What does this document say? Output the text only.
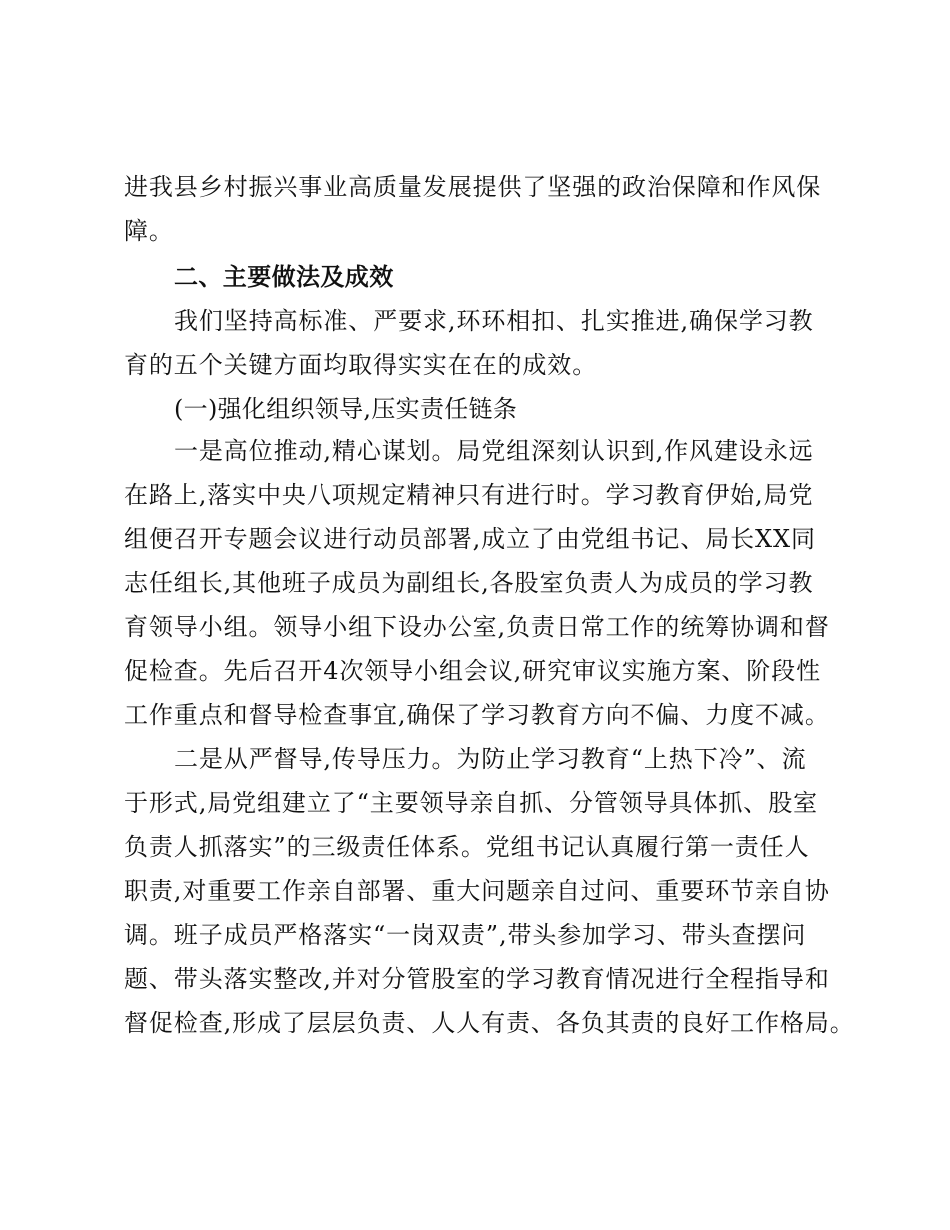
进我县乡村振兴事业高质量发展提供了坚强的政治保障和作风保

障。

二、主要做法及成效

我们坚持高标准、严要求,环环相扣、扎实推进,确保学习教

育的五个关键方面均取得实实在在的成效。

(一)强化组织领导,压实责任链条

一是高位推动,精心谋划。局党组深刻认识到,作风建设永远

在路上,落实中央八项规定精神只有进行时。学习教育伊始,局党

组便召开专题会议进行动员部署,成立了由党组书记、局长XX同

志任组长,其他班子成员为副组长,各股室负责人为成员的学习教

育领导小组。领导小组下设办公室,负责日常工作的统筹协调和督

促检查。先后召开4次领导小组会议,研究审议实施方案、阶段性

工作重点和督导检查事宜,确保了学习教育方向不偏、力度不减。

二是从严督导,传导压力。为防止学习教育“上热下冷”、流

于形式,局党组建立了“主要领导亲自抓、分管领导具体抓、股室

负责人抓落实”的三级责任体系。党组书记认真履行第一责任人

职责,对重要工作亲自部署、重大问题亲自过问、重要环节亲自协

调。班子成员严格落实“一岗双责”,带头参加学习、带头查摆问

题、带头落实整改,并对分管股室的学习教育情况进行全程指导和

督促检查,形成了层层负责、人人有责、各负其责的良好工作格局。
